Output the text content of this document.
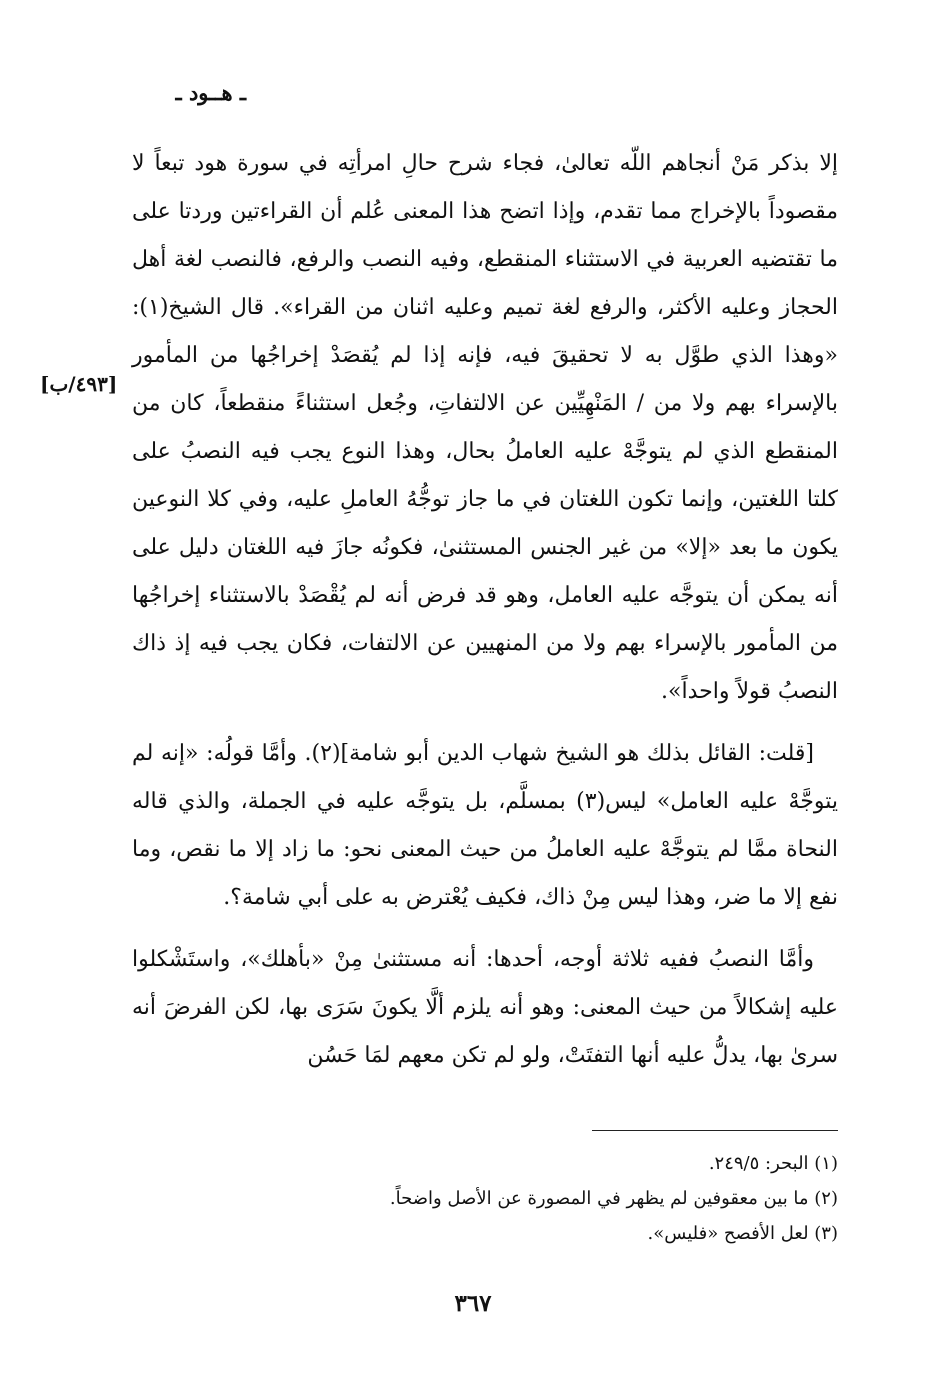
ـ هــود ـ

إلا بذكر مَنْ أنجاهم اللّه تعالىٰ، فجاء شرح حالِ امرأتِه في سورة هود تبعاً لا مقصوداً بالإخراج مما تقدم، وإذا اتضح هذا المعنى عُلم أن القراءتين وردتا على ما تقتضيه العربية في الاستثناء المنقطع، وفيه النصب والرفع، فالنصب لغة أهل الحجاز وعليه الأكثر، والرفع لغة تميم وعليه اثنان من القراء». قال الشيخ(١): «وهذا الذي طوَّل به لا تحقيقَ فيه، فإنه إذا لم يُقصَدْ إخراجُها من المأمور بالإسراء بهم ولا من / المَنْهِيِّين عن الالتفاتِ، وجُعل استثناءً منقطعاً، كان من المنقطع الذي لم يتوجَّهْ عليه العاملُ بحال، وهذا النوع يجب فيه النصبُ على كلتا اللغتين، وإنما تكون اللغتان في ما جاز توجُّهُ العاملِ عليه، وفي كلا النوعين يكون ما بعد «إلا» من غير الجنس المستثنىٰ، فكونُه جازَ فيه اللغتان دليل على أنه يمكن أن يتوجَّه عليه العامل، وهو قد فرض أنه لم يُقْصَدْ بالاستثناء إخراجُها من المأمور بالإسراء بهم ولا من المنهيين عن الالتفات، فكان يجب فيه إذ ذاك النصبُ قولاً واحداً».

[قلت: القائل بذلك هو الشيخ شهاب الدين أبو شامة](٢). وأمَّا قولُه: «إنه لم يتوجَّهْ عليه العامل» ليس(٣) بمسلَّم، بل يتوجَّه عليه في الجملة، والذي قاله النحاة ممَّا لم يتوجَّهْ عليه العاملُ من حيث المعنى نحو: ما زاد إلا ما نقص، وما نفع إلا ما ضر، وهذا ليس مِنْ ذاك، فكيف يُعْترض به على أبي شامة؟.

وأمَّا النصبُ ففيه ثلاثة أوجه، أحدها: أنه مستثنىٰ مِنْ «بأهلك»، واستَشْكلوا عليه إشكالاً من حيث المعنى: وهو أنه يلزم ألَّا يكونَ سَرَى بها، لكن الفرضَ أنه سرىٰ بها، يدلُّ عليه أنها التفتَتْ، ولو لم تكن معهم لمَا حَسُن

[٤٩٣/ب]

(١) البحر: ٢٤٩/٥.

(٢) ما بين معقوفين لم يظهر في المصورة عن الأصل واضحاً.

(٣) لعل الأفصح «فليس».

٣٦٧
